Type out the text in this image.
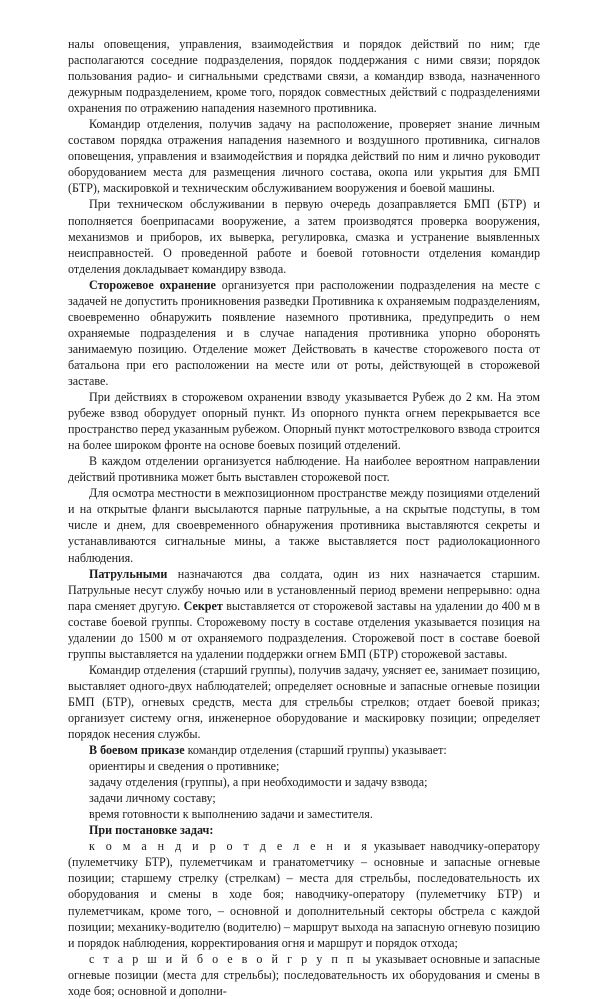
налы оповещения, управления, взаимодействия и порядок действий по ним; где располагаются соседние подразделения, порядок поддержания с ними связи; порядок пользования радио- и сигнальными средствами связи, а командир взвода, назначенного дежурным подразделением, кроме того, порядок совместных действий с подразделениями охранения по отражению нападения наземного противника.

Командир отделения, получив задачу на расположение, проверяет знание личным составом порядка отражения нападения наземного и воздушного противника, сигналов оповещения, управления и взаимодействия и порядка действий по ним и лично руководит оборудованием места для размещения личного состава, окопа или укрытия для БМП (БТР), маскировкой и техническим обслуживанием вооружения и боевой машины.

При техническом обслуживании в первую очередь дозаправляется БМП (БТР) и пополняется боеприпасами вооружение, а затем производятся проверка вооружения, механизмов и приборов, их выверка, регулировка, смазка и устранение выявленных неисправностей. О проведенной работе и боевой готовности отделения командир отделения докладывает командиру взвода.

Сторожевое охранение организуется при расположении подразделения на месте с задачей не допустить проникновения разведки Противника к охраняемым подразделениям, своевременно обнаружить появление наземного противника, предупредить о нем охраняемые подразделения и в случае нападения противника упорно оборонять занимаемую позицию. Отделение может Действовать в качестве сторожевого поста от батальона при его расположении на месте или от роты, действующей в сторожевой заставе.

При действиях в сторожевом охранении взводу указывается Рубеж до 2 км. На этом рубеже взвод оборудует опорный пункт. Из опорного пункта огнем перекрывается все пространство перед указанным рубежом. Опорный пункт мотострелкового взвода строится на более широком фронте на основе боевых позиций отделений.

В каждом отделении организуется наблюдение. На наиболее вероятном направлении действий противника может быть выставлен сторожевой пост.

Для осмотра местности в межпозиционном пространстве между позициями отделений и на открытые фланги высылаются парные патрульные, а на скрытые подступы, в том числе и днем, для своевременного обнаружения противника выставляются секреты и устанавливаются сигнальные мины, а также выставляется пост радиолокационного наблюдения.

Патрульными назначаются два солдата, один из них назначается старшим. Патрульные несут службу ночью или в установленный период времени непрерывно: одна пара сменяет другую. Секрет выставляется от сторожевой заставы на удалении до 400 м в составе боевой группы. Сторожевому посту в составе отделения указывается позиция на удалении до 1500 м от охраняемого подразделения. Сторожевой пост в составе боевой группы выставляется на удалении поддержки огнем БМП (БТР) сторожевой заставы.

Командир отделения (старший группы), получив задачу, уясняет ее, занимает позицию, выставляет одного-двух наблюдателей; определяет основные и запасные огневые позиции БМП (БТР), огневых средств, места для стрельбы стрелков; отдает боевой приказ; организует систему огня, инженерное оборудование и маскировку позиции; определяет порядок несения службы.

В боевом приказе командир отделения (старший группы) указывает:

ориентиры и сведения о противнике;

задачу отделения (группы), а при необходимости и задачу взвода;

задачи личному составу;

время готовности к выполнению задачи и заместителя.

При постановке задач:

к о м а н д и р о т д е л е н и я указывает наводчику-оператору (пулеметчику БТР), пулеметчикам и гранатометчику – основные и запасные огневые позиции; старшему стрелку (стрелкам) – места для стрельбы, последовательность их оборудования и смены в ходе боя; наводчику-оператору (пулеметчику БТР) и пулеметчикам, кроме того, – основной и дополнительный секторы обстрела с каждой позиции; механику-водителю (водителю) – маршрут выхода на запасную огневую позицию и порядок наблюдения, корректирования огня и маршрут и порядок отхода;

с т а р ш и й б о е в о й г р у п п ы указывает основные и запасные огневые позиции (места для стрельбы); последовательность их оборудования и смены в ходе боя; основной и дополни-
